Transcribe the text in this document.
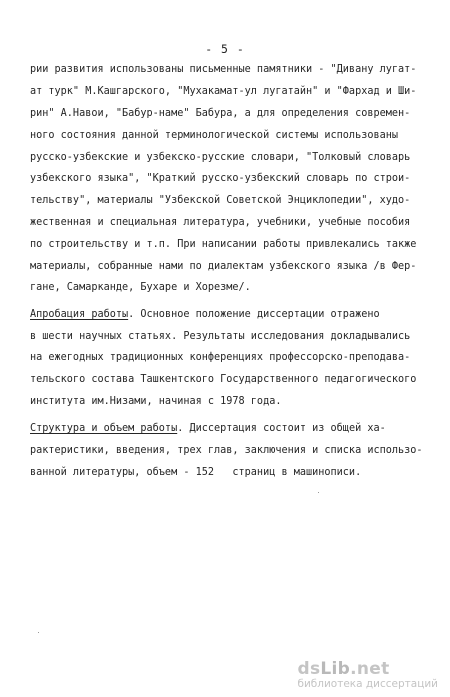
- 5 -
рии развития использованы письменные памятники - "Дивану лугат-
ат турк" М.Кашгарского, "Мухакамат-ул лугатайн" и "Фархад и Ши-
рин" А.Навои, "Бабур-наме" Бабура, а для определения современ-
ного состояния данной терминологической системы использованы
русско-узбекские и узбекско-русские словари, "Толковый словарь
узбекского языка", "Краткий русско-узбекский словарь по строи-
тельству", материалы "Узбекской Советской Энциклопедии", худо-
жественная и специальная литература, учебники, учебные пособия
по строительству и т.п. При написании работы привлекались также
материалы, собранные нами по диалектам узбекского языка /в Фер-
гане, Самарканде, Бухаре и Хорезме/.
Апробация работы. Основное положение диссертации отражено
в шести научных статьях. Результаты исследования докладывались
на ежегодных традиционных конференциях профессорско-преподава-
тельского состава Ташкентского Государственного педагогического
института им.Низами, начиная с 1978 года.
Структура и объем работы. Диссертация состоит из общей ха-
рактеристики, введения, трех глав, заключения и списка использо-
ванной литературы, объем - 152   страниц в машинописи.
dsLib.net
библиотека диссертаций
